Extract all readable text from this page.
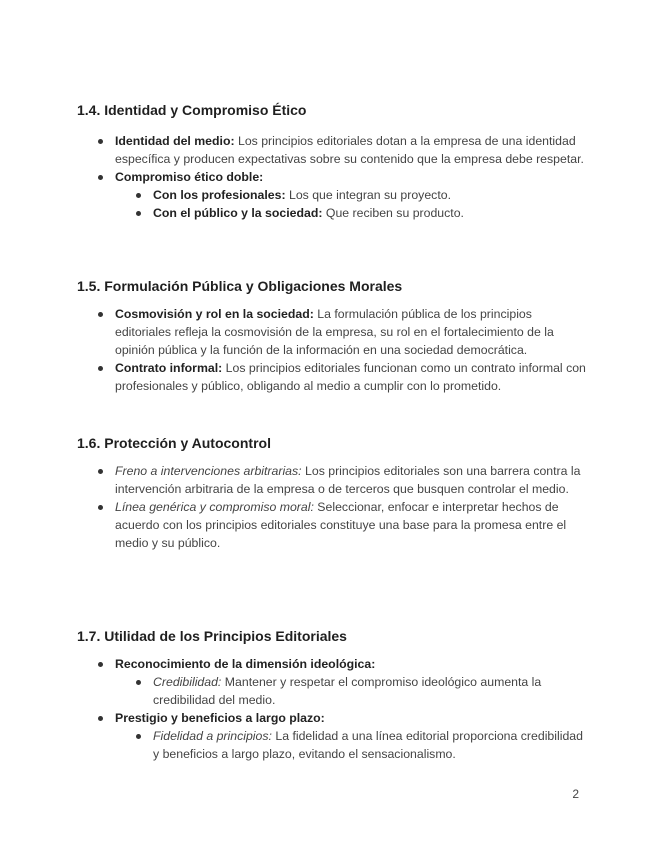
1.4. Identidad y Compromiso Ético
Identidad del medio: Los principios editoriales dotan a la empresa de una identidad específica y producen expectativas sobre su contenido que la empresa debe respetar.
Compromiso ético doble:
Con los profesionales: Los que integran su proyecto.
Con el público y la sociedad: Que reciben su producto.
1.5. Formulación Pública y Obligaciones Morales
Cosmovisión y rol en la sociedad: La formulación pública de los principios editoriales refleja la cosmovisión de la empresa, su rol en el fortalecimiento de la opinión pública y la función de la información en una sociedad democrática.
Contrato informal: Los principios editoriales funcionan como un contrato informal con profesionales y público, obligando al medio a cumplir con lo prometido.
1.6. Protección y Autocontrol
Freno a intervenciones arbitrarias: Los principios editoriales son una barrera contra la intervención arbitraria de la empresa o de terceros que busquen controlar el medio.
Línea genérica y compromiso moral: Seleccionar, enfocar e interpretar hechos de acuerdo con los principios editoriales constituye una base para la promesa entre el medio y su público.
1.7. Utilidad de los Principios Editoriales
Reconocimiento de la dimensión ideológica:
Credibilidad: Mantener y respetar el compromiso ideológico aumenta la credibilidad del medio.
Prestigio y beneficios a largo plazo:
Fidelidad a principios: La fidelidad a una línea editorial proporciona credibilidad y beneficios a largo plazo, evitando el sensacionalismo.
2
